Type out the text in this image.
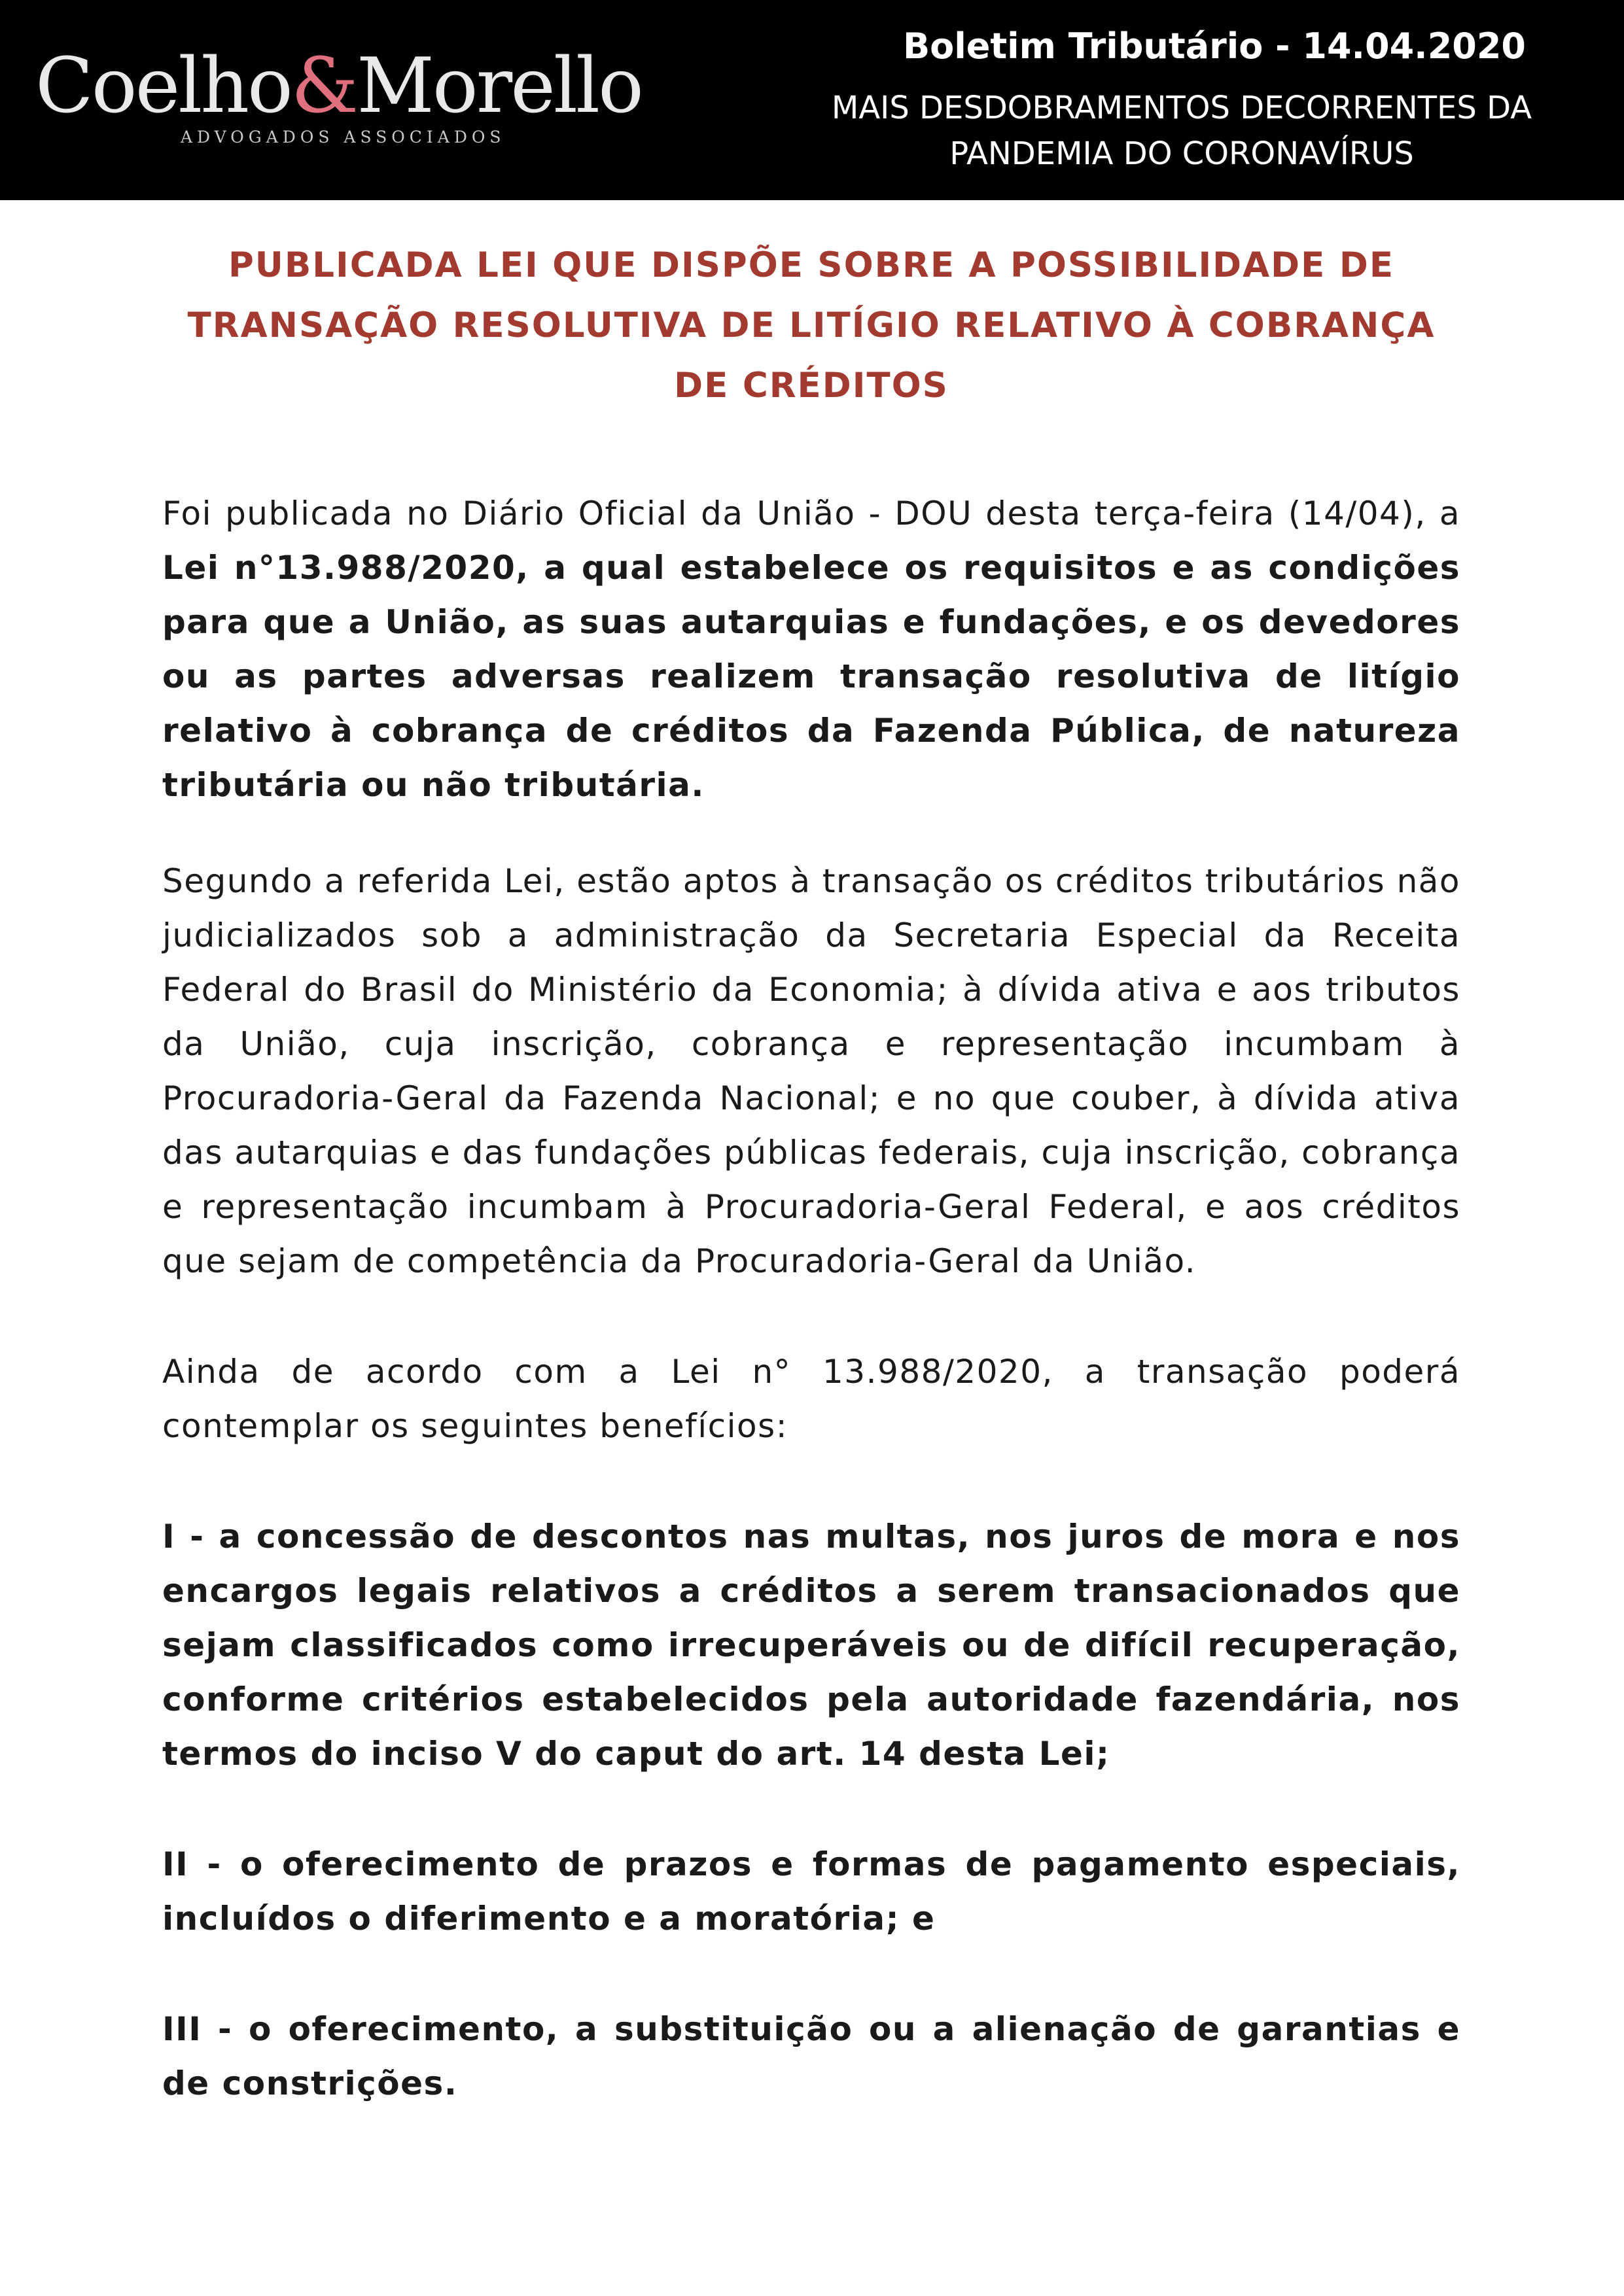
Coelho&Morello
ADVOGADOS ASSOCIADOS
Boletim Tributário - 14.04.2020
MAIS DESDOBRAMENTOS DECORRENTES DA PANDEMIA DO CORONAVÍRUS
PUBLICADA LEI QUE DISPÕE SOBRE A POSSIBILIDADE DE TRANSAÇÃO RESOLUTIVA DE LITÍGIO RELATIVO À COBRANÇA DE CRÉDITOS

Foi publicada no Diário Oficial da União - DOU desta terça-feira (14/04), a Lei n°13.988/2020, a qual estabelece os requisitos e as condições para que a União, as suas autarquias e fundações, e os devedores ou as partes adversas realizem transação resolutiva de litígio relativo à cobrança de créditos da Fazenda Pública, de natureza tributária ou não tributária.

Segundo a referida Lei, estão aptos à transação os créditos tributários não judicializados sob a administração da Secretaria Especial da Receita Federal do Brasil do Ministério da Economia; à dívida ativa e aos tributos da União, cuja inscrição, cobrança e representação incumbam à Procuradoria-Geral da Fazenda Nacional; e no que couber, à dívida ativa das autarquias e das fundações públicas federais, cuja inscrição, cobrança e representação incumbam à Procuradoria-Geral Federal, e aos créditos que sejam de competência da Procuradoria-Geral da União.

Ainda de acordo com a Lei n° 13.988/2020, a transação poderá contemplar os seguintes benefícios:

I - a concessão de descontos nas multas, nos juros de mora e nos encargos legais relativos a créditos a serem transacionados que sejam classificados como irrecuperáveis ou de difícil recuperação, conforme critérios estabelecidos pela autoridade fazendária, nos termos do inciso V do caput do art. 14 desta Lei;

II - o oferecimento de prazos e formas de pagamento especiais, incluídos o diferimento e a moratória; e

III - o oferecimento, a substituição ou a alienação de garantias e de constrições.
